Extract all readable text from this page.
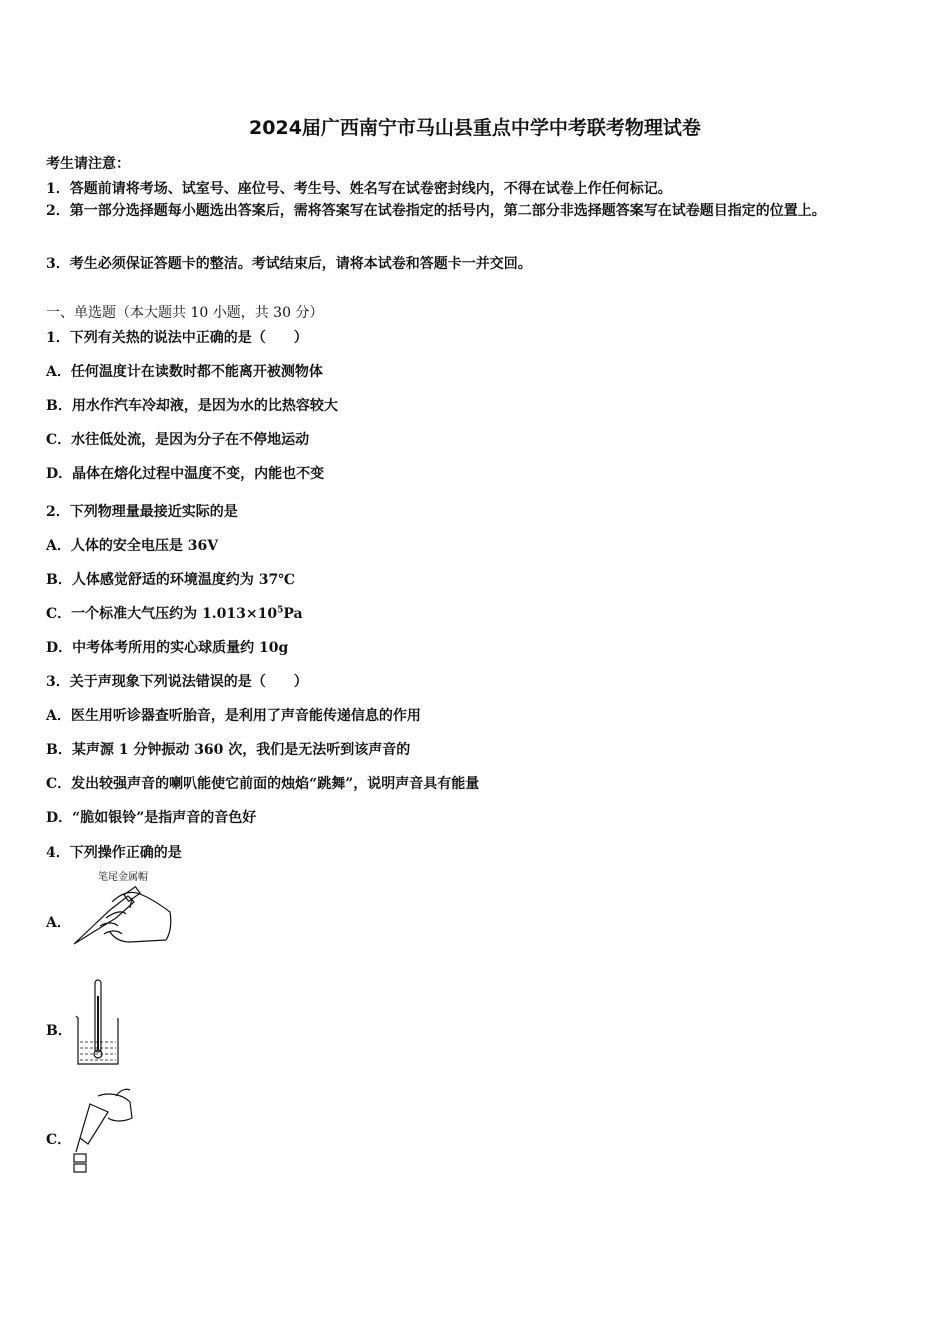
2024届广西南宁市马山县重点中学中考联考物理试卷
考生请注意：
1．答题前请将考场、试室号、座位号、考生号、姓名写在试卷密封线内，不得在试卷上作任何标记。
2．第一部分选择题每小题选出答案后，需将答案写在试卷指定的括号内，第二部分非选择题答案写在试卷题目指定的位置上。
3．考生必须保证答题卡的整洁。考试结束后，请将本试卷和答题卡一并交回。
一、单选题（本大题共 10 小题，共 30 分）
1．下列有关热的说法中正确的是（　　）
A．任何温度计在读数时都不能离开被测物体
B．用水作汽车冷却液，是因为水的比热容较大
C．水往低处流，是因为分子在不停地运动
D．晶体在熔化过程中温度不变，内能也不变
2．下列物理量最接近实际的是
A．人体的安全电压是 36V
B．人体感觉舒适的环境温度约为 37℃
C．一个标准大气压约为 $1.013\times 10^5Pa$
D．中考体考所用的实心球质量约 10g
3．关于声现象下列说法错误的是（　　）
A．医生用听诊器查听胎音，是利用了声音能传递信息的作用
B．某声源 1 分钟振动 360 次，我们是无法听到该声音的
C．发出较强声音的喇叭能使它前面的烛焰“跳舞”，说明声音具有能量
D．“脆如银铃”是指声音的音色好
4．下列操作正确的是
A．
笔尾金属帽
B．
C．
